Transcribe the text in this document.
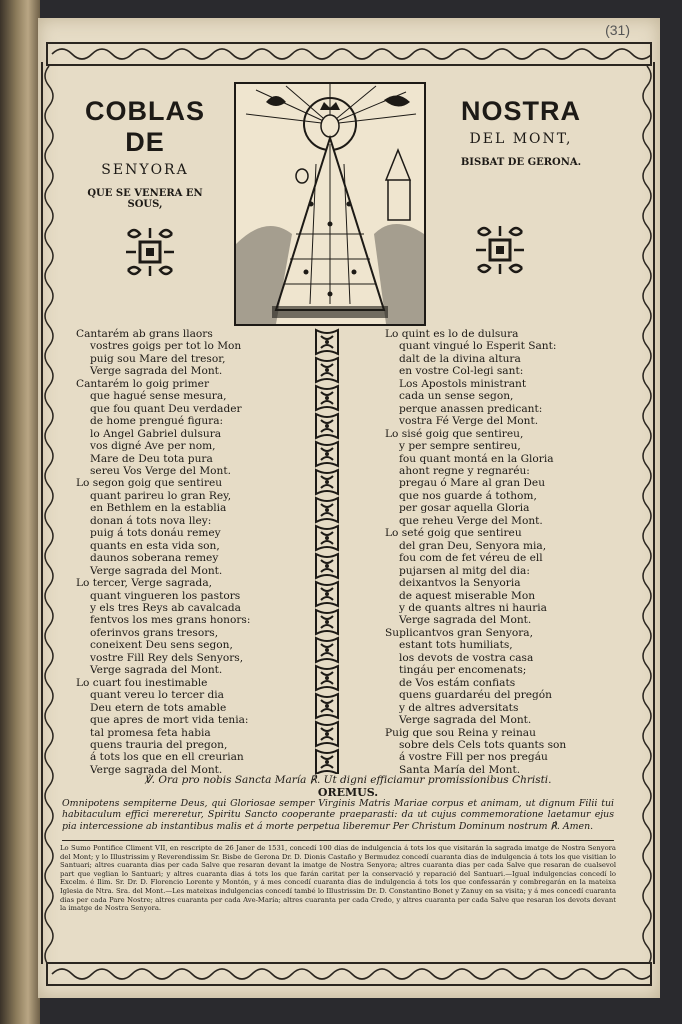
(31)
COBLAS DE
SENYORA
QUE SE VENERA EN SOUS,
NOSTRA
DEL MONT,
BISBAT DE GERONA.
Cantarém ab grans llaors
vostres goigs per tot lo Mon
puig sou Mare del tresor,
Verge sagrada del Mont.
Cantarém lo goig primer
que hagué sense mesura,
que fou quant Deu verdader
de home prengué figura:
lo Angel Gabriel dulsura
vos digné Ave per nom,
Mare de Deu tota pura
sereu Vos Verge del Mont.
Lo segon goig que sentireu
quant parireu lo gran Rey,
en Bethlem en la establia
donan á tots nova lley:
puig á tots donáu remey
quants en esta vida son,
daunos soberana remey
Verge sagrada del Mont.
Lo tercer, Verge sagrada,
quant vingueren los pastors
y els tres Reys ab cavalcada
fentvos los mes grans honors:
oferinvos grans tresors,
coneixent Deu sens segon,
vostre Fill Rey dels Senyors,
Verge sagrada del Mont.
Lo cuart fou inestimable
quant vereu lo tercer dia
Deu etern de tots amable
que apres de mort vida tenia:
tal promesa feta habia
quens trauria del pregon,
á tots los que en ell creurian
Verge sagrada del Mont.
Lo quint es lo de dulsura
quant vingué lo Esperit Sant:
dalt de la divina altura
en vostre Col-legi sant:
Los Apostols ministrant
cada un sense segon,
perque anassen predicant:
vostra Fé Verge del Mont.
Lo sisé goig que sentireu,
y per sempre sentireu,
fou quant montá en la Gloria
ahont regne y regnaréu:
pregau ó Mare al gran Deu
que nos guarde á tothom,
per gosar aquella Gloria
que reheu Verge del Mont.
Lo seté goig que sentireu
del gran Deu, Senyora mia,
fou com de fet véreu de ell
pujarsen al mitg del dia:
deixantvos la Senyoria
de aquest miserable Mon
y de quants altres ni hauria
Verge sagrada del Mont.
Suplicantvos gran Senyora,
estant tots humiliats,
los devots de vostra casa
tingáu per encomenats;
de Vos estám confiats
quens guardaréu del pregón
y de altres adversitats
Verge sagrada del Mont.
Puig que sou Reina y reinau
sobre dels Cels tots quants son
á vostre Fill per nos pregáu
Santa María del Mont.
℣. Ora pro nobis Sancta María ℟. Ut digni efficiamur promissionibus Christi.
OREMUS.
Omnipotens sempiterne Deus, qui Gloriosae semper Virginis Matris Mariae corpus et animam, ut dignum Filii tui habitaculum effici mereretur, Spiritu Sancto cooperante praeparasti: da ut cujus commemoratione laetamur ejus pia intercessione ab instantibus malis et á morte perpetua liberemur Per Christum Dominum nostrum ℟. Amen.
Lo Sumo Pontifice Climent VII, en rescripte de 26 Janer de 1531, concedí 100 dias de indulgencia á tots los que visitarán la sagrada imatge de Nostra Senyora del Mont; y lo Illustrissim y Reverendissim Sr. Bisbe de Gerona Dr. D. Dionis Castaño y Bermudez concedí cuaranta dias de indulgencia á tots los que visitian lo Santuari; altres cuaranta dias per cada Salve que resaran devant la imatge de Nostra Senyora; altres cuaranta dias per cada Salve que resaran de cualsevol part que veglian lo Santuari; y altres cuaranta dias á tots los que farán caritat per la conservació y reparació del Santuari.—Igual indulgencias concedí lo Excelm. é Ilim. Sr. Dr. D. Florencio Lorente y Montón, y á mes concedí cuaranta dias de indulgencia á tots los que confessarán y combregarán en la mateixa Iglesia de Ntra. Sra. del Mont.—Les mateixas indulgencias concedí també lo Illustrissim Dr. D. Constantino Bonet y Zanuy en sa visita; y á mes concedí cuaranta dias per cada Pare Nostre; altres cuaranta per cada Ave-María; altres cuaranta per cada Credo, y altres cuaranta per cada Salve que resaran los devots devant la imatge de Nostra Senyora.
